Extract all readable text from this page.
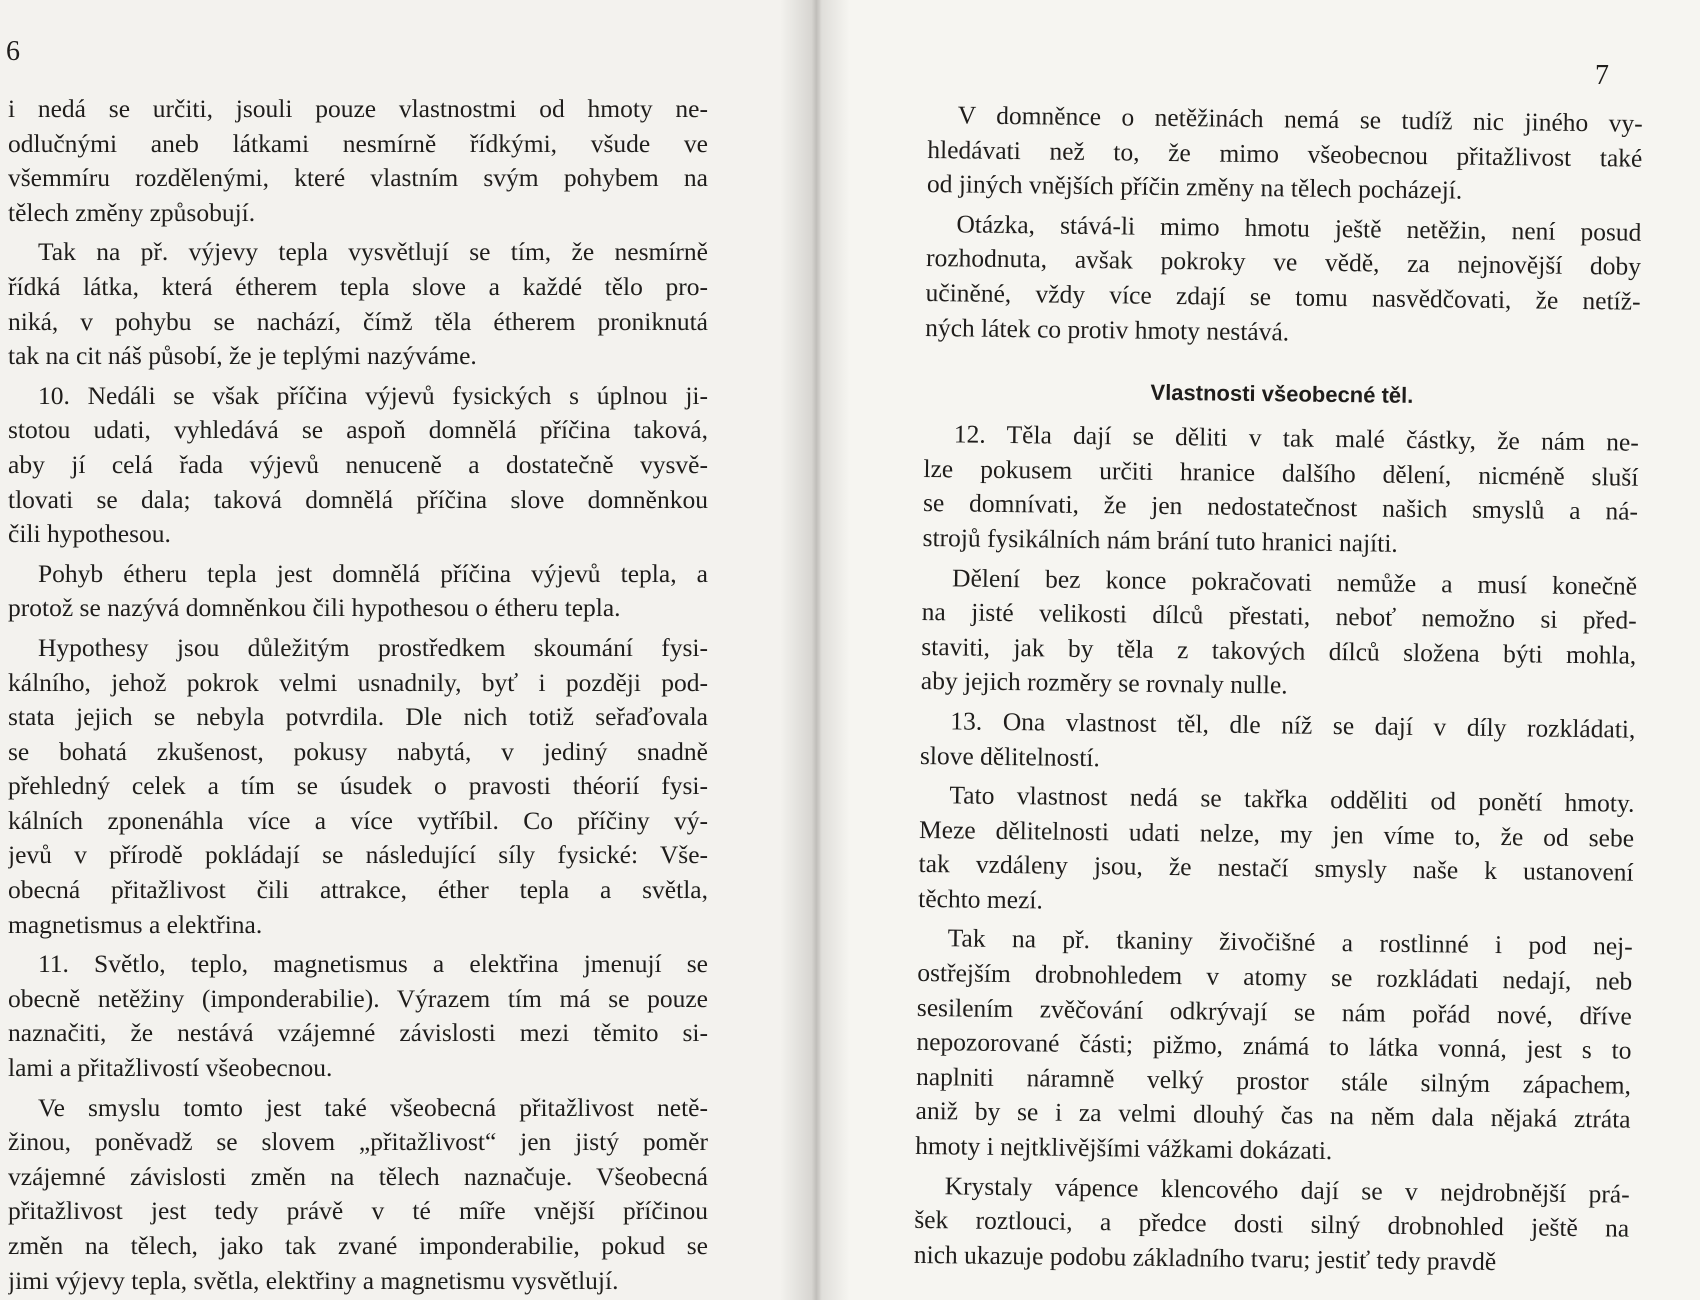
6

i nedá se určiti, jsouli pouze vlastnostmi od hmoty ne-
odlučnými aneb látkami nesmírně řídkými, všude ve
všemmíru rozdělenými, které vlastním svým pohybem na
tělech změny způsobují.

Tak na př. výjevy tepla vysvětlují se tím, že nesmírně
řídká látka, která étherem tepla slove a každé tělo pro-
niká, v pohybu se nachází, čímž těla étherem proniknutá
tak na cit náš působí, že je teplými nazýváme.

10. Nedáli se však příčina výjevů fysických s úplnou ji-
stotou udati, vyhledává se aspoň domnělá příčina taková,
aby jí celá řada výjevů nenuceně a dostatečně vysvě-
tlovati se dala; taková domnělá příčina slove domněnkou
čili hypothesou.

Pohyb étheru tepla jest domnělá příčina výjevů tepla, a
protož se nazývá domněnkou čili hypothesou o étheru tepla.

Hypothesy jsou důležitým prostředkem skoumání fysi-
kálního, jehož pokrok velmi usnadnily, byť i později pod-
stata jejich se nebyla potvrdila. Dle nich totiž seřaďovala
se bohatá zkušenost, pokusy nabytá, v jediný snadně
přehledný celek a tím se úsudek o pravosti théorií fysi-
kálních zponenáhla více a více vytříbil. Co příčiny vý-
jevů v přírodě pokládají se následující síly fysické: Vše-
obecná přitažlivost čili attrakce, éther tepla a světla,
magnetismus a elektřina.

11. Světlo, teplo, magnetismus a elektřina jmenují se
obecně netěžiny (imponderabilie). Výrazem tím má se pouze
naznačiti, že nestává vzájemné závislosti mezi těmito si-
lami a přitažlivostí všeobecnou.

Ve smyslu tomto jest také všeobecná přitažlivost netě-
žinou, poněvadž se slovem „přitažlivost“ jen jistý poměr
vzájemné závislosti změn na tělech naznačuje. Všeobecná
přitažlivost jest tedy právě v té míře vnější příčinou
změn na tělech, jako tak zvané imponderabilie, pokud se
jimi výjevy tepla, světla, elektřiny a magnetismu vysvětlují.

7

V domněnce o netěžinách nemá se tudíž nic jiného vy-
hledávati než to, že mimo všeobecnou přitažlivost také
od jiných vnějších příčin změny na tělech pocházejí.

Otázka, stává-li mimo hmotu ještě netěžin, není posud
rozhodnuta, avšak pokroky ve vědě, za nejnovější doby
učiněné, vždy více zdají se tomu nasvědčovati, že netíž-
ných látek co protiv hmoty nestává.

Vlastnosti všeobecné těl.

12. Těla dají se děliti v tak malé částky, že nám ne-
lze pokusem určiti hranice dalšího dělení, nicméně sluší
se domnívati, že jen nedostatečnost našich smyslů a ná-
strojů fysikálních nám brání tuto hranici najíti.

Dělení bez konce pokračovati nemůže a musí konečně
na jisté velikosti dílců přestati, neboť nemožno si před-
staviti, jak by těla z takových dílců složena býti mohla,
aby jejich rozměry se rovnaly nulle.

13. Ona vlastnost těl, dle níž se dají v díly rozkládati,
slove dělitelností.

Tato vlastnost nedá se takřka odděliti od ponětí hmoty.
Meze dělitelnosti udati nelze, my jen víme to, že od sebe
tak vzdáleny jsou, že nestačí smysly naše k ustanovení
těchto mezí.

Tak na př. tkaniny živočišné a rostlinné i pod nej-
ostřejším drobnohledem v atomy se rozkládati nedají, neb
sesilením zvěčování odkrývají se nám pořád nové, dříve
nepozorované části; pižmo, známá to látka vonná, jest s to
naplniti náramně velký prostor stále silným zápachem,
aniž by se i za velmi dlouhý čas na něm dala nějaká ztráta
hmoty i nejtklivějšími vážkami dokázati.

Krystaly vápence klencového dají se v nejdrobnější prá-
šek roztlouci, a předce dosti silný drobnohled ještě na
nich ukazuje podobu základního tvaru; jestiť tedy pravdě
